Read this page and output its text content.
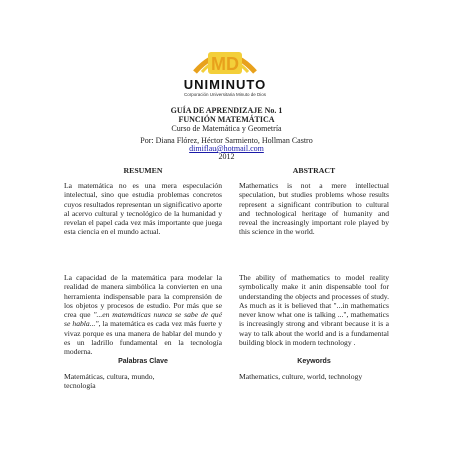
MD
UNIMINUTO
Corporación Universitaria Minuto de Dios
GUÍA DE APRENDIZAJE No. 1
FUNCIÓN MATEMÁTICA
Curso de Matemática y Geometría
Por: Diana Flórez, Héctor Sarmiento, Hollman Castro
dimiflau@hotmail.com
2012
RESUMEN	ABSTRACT

La matemática no es una mera especulación intelectual, sino que estudia problemas concretos cuyos resultados representan un significativo aporte al acervo cultural y tecnológico de la humanidad y revelan el papel cada vez más importante que juega esta ciencia en el mundo actual.

La capacidad de la matemática para modelar la realidad de manera simbólica la convierten en una herramienta indispensable para la comprensión de los objetos y procesos de estudio. Por más que se crea que "...en matemáticas nunca se sabe de qué se habla...", la matemática es cada vez más fuerte y vivaz porque es una manera de hablar del mundo y es un ladrillo fundamental en la tecnología moderna.

Mathematics is not a mere intellectual speculation, but studies problems whose results represent a significant contribution to cultural and technological heritage of humanity and reveal the increasingly important role played by this science in the world.

The ability of mathematics to model reality symbolically make it anin dispensable tool for understanding the objects and processes of study. As much as it is believed that "...in mathematics never know what one is talking ...", mathematics is increasingly strong and vibrant because it is a way to talk about the world and is a fundamental building block in modern technology .

Palabras Clave	Keywords
Matemáticas, cultura, mundo, tecnología
Mathematics, culture, world, technology
